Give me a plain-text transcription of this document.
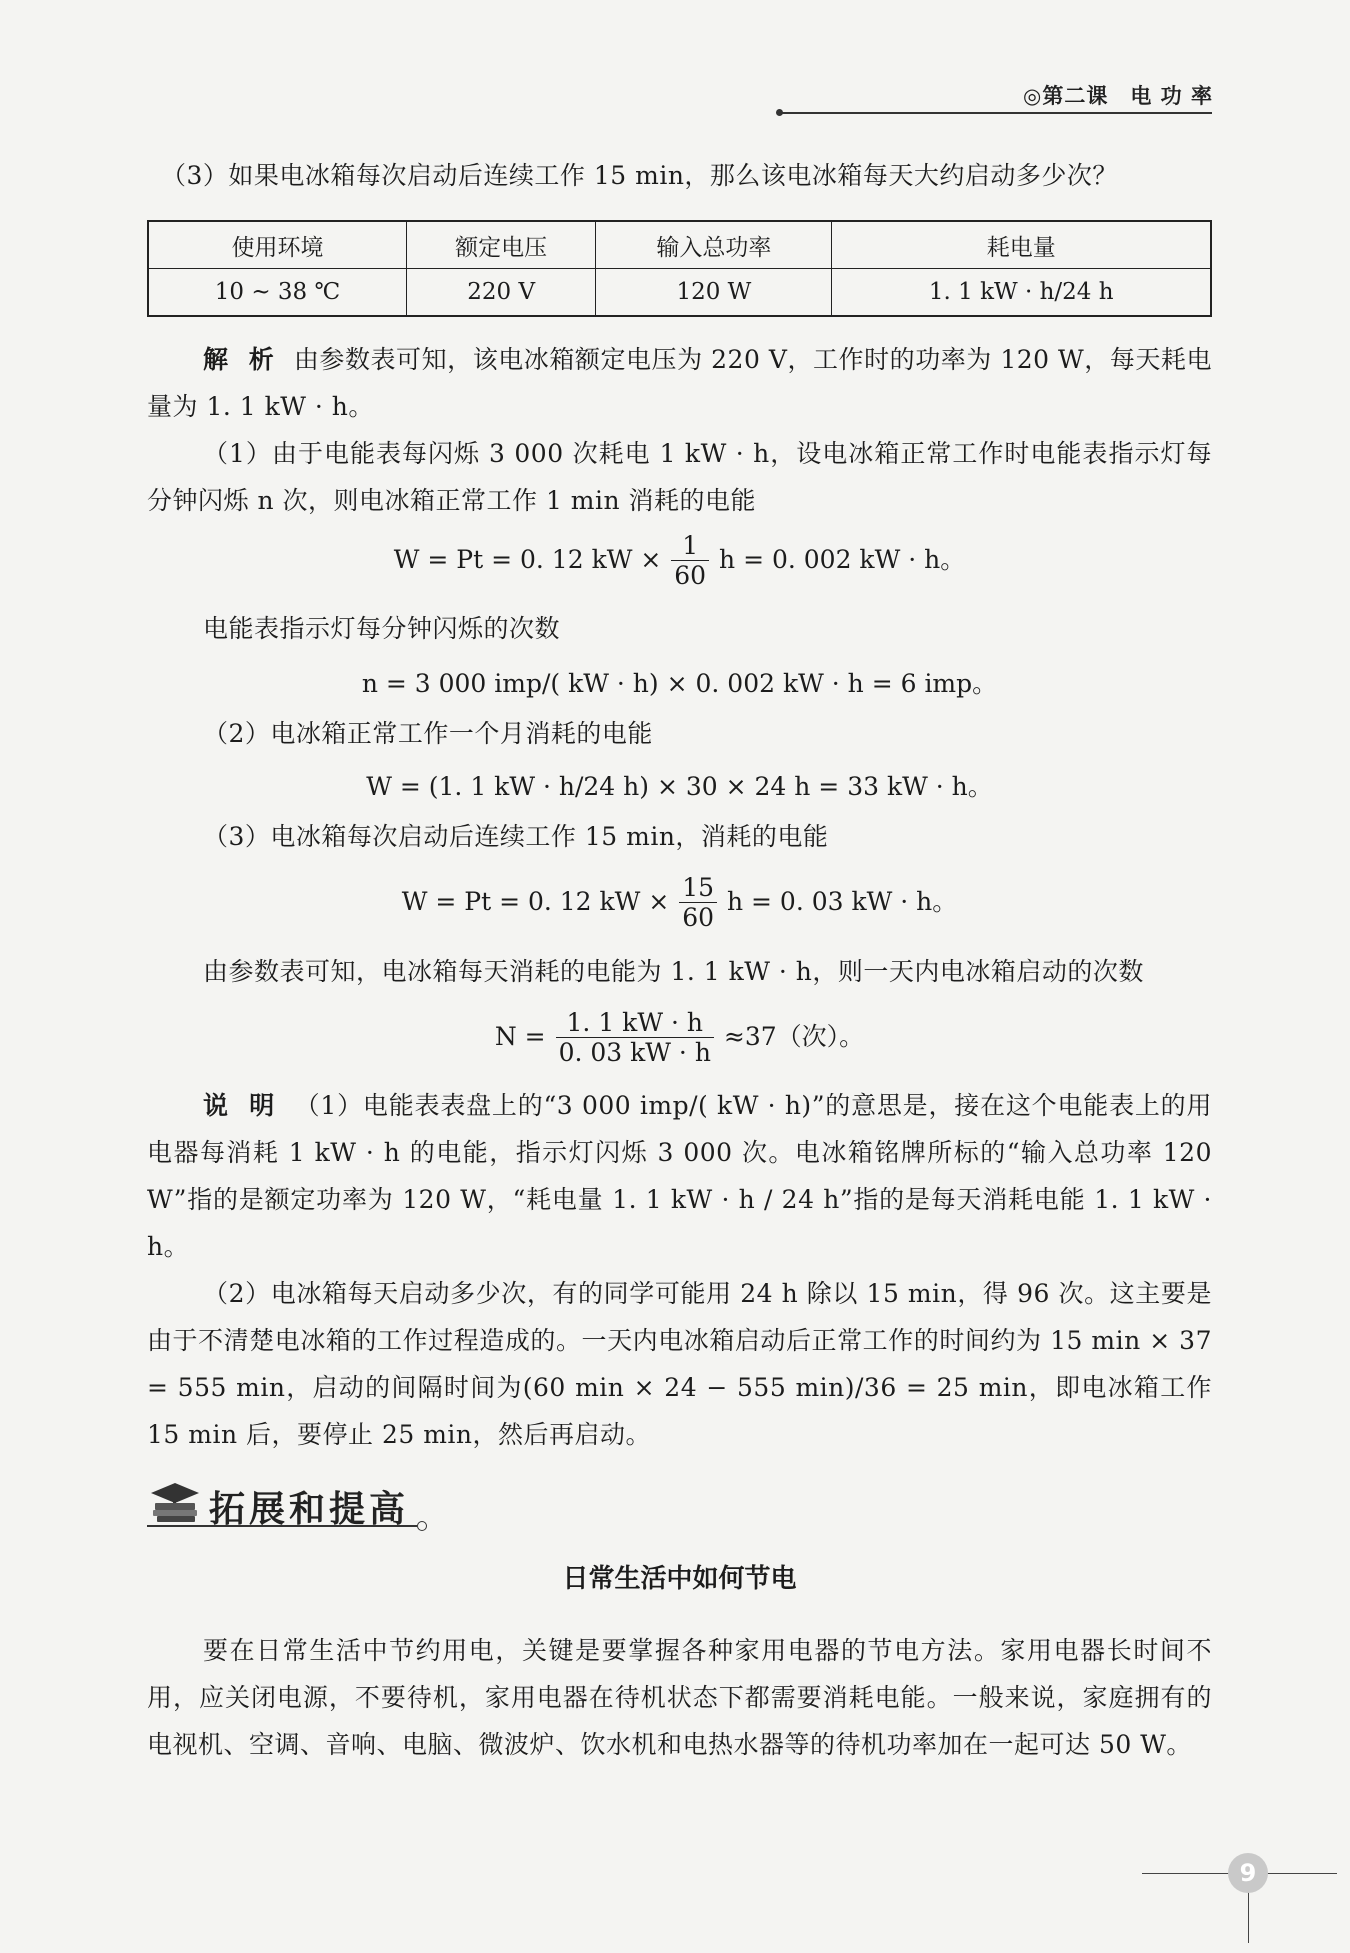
◎第二课　电 功 率
（3）如果电冰箱每次启动后连续工作 15 min，那么该电冰箱每天大约启动多少次？
使用环境	额定电压	输入总功率	耗电量
10 ~ 38 ℃	220 V	120 W	1. 1 kW · h/24 h
解 析 由参数表可知，该电冰箱额定电压为 220 V，工作时的功率为 120 W，每天耗电量为 1. 1 kW · h。
（1）由于电能表每闪烁 3 000 次耗电 1 kW · h，设电冰箱正常工作时电能表指示灯每分钟闪烁 n 次，则电冰箱正常工作 1 min 消耗的电能
W = Pt = 0. 12 kW × $\frac{1}{60}$ h = 0. 002 kW · h。
电能表指示灯每分钟闪烁的次数
n = 3 000 imp/( kW · h) × 0. 002 kW · h = 6 imp。
（2）电冰箱正常工作一个月消耗的电能
W = (1. 1 kW · h/24 h) × 30 × 24 h = 33 kW · h。
（3）电冰箱每次启动后连续工作 15 min，消耗的电能
W = Pt = 0. 12 kW × $\frac{15}{60}$ h = 0. 03 kW · h。
由参数表可知，电冰箱每天消耗的电能为 1. 1 kW · h，则一天内电冰箱启动的次数
$N = \frac{1. 1 kW \cdot h}{0. 03 kW \cdot h} \approx 37$（次）。
说 明 （1）电能表表盘上的“3 000 imp/( kW · h)”的意思是，接在这个电能表上的用电器每消耗 1 kW · h 的电能，指示灯闪烁 3 000 次。电冰箱铭牌所标的“输入总功率 120 W”指的是额定功率为 120 W，“耗电量 1. 1 kW · h / 24 h”指的是每天消耗电能 1. 1 kW · h。
（2）电冰箱每天启动多少次，有的同学可能用 24 h 除以 15 min，得 96 次。这主要是由于不清楚电冰箱的工作过程造成的。一天内电冰箱启动后正常工作的时间约为 15 min × 37 = 555 min，启动的间隔时间为(60 min × 24 − 555 min)/36 = 25 min，即电冰箱工作 15 min 后，要停止 25 min，然后再启动。
拓展和提高
日常生活中如何节电
要在日常生活中节约用电，关键是要掌握各种家用电器的节电方法。家用电器长时间不用，应关闭电源，不要待机，家用电器在待机状态下都需要消耗电能。一般来说，家庭拥有的电视机、空调、音响、电脑、微波炉、饮水机和电热水器等的待机功率加在一起可达 50 W。
9
